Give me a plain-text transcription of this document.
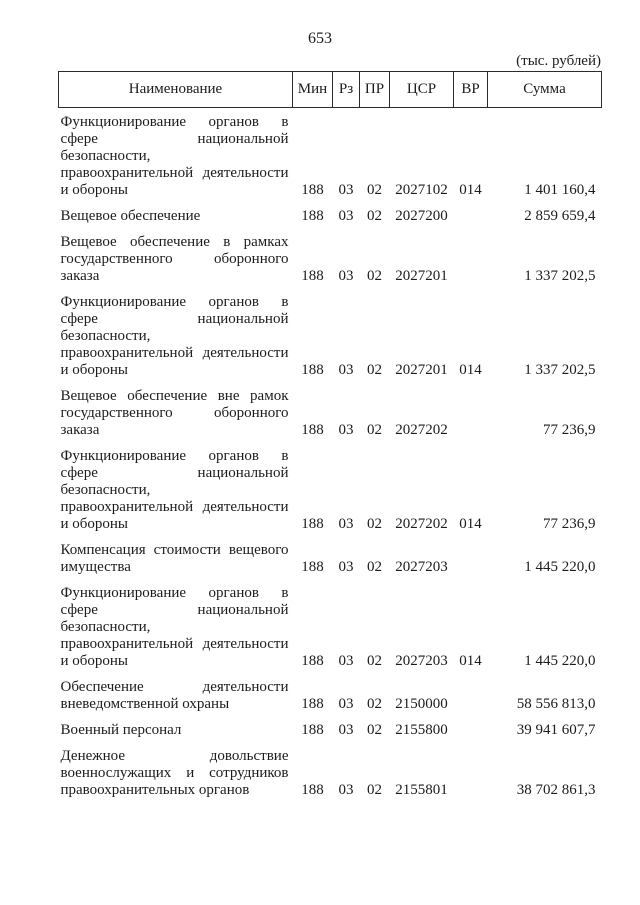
653
(тыс. рублей)
Наименование	Мин	Рз	ПР	ЦСР	ВР	Сумма

Функционирование органов в
сфере национальной
безопасности,
правоохранительной деятельности
и обороны	188	03	02	2027102	014	1 401 160,4

Вещевое обеспечение	188	03	02	2027200		2 859 659,4

Вещевое обеспечение в рамках
государственного оборонного
заказа	188	03	02	2027201		1 337 202,5

Функционирование органов в
сфере национальной
безопасности,
правоохранительной деятельности
и обороны	188	03	02	2027201	014	1 337 202,5

Вещевое обеспечение вне рамок
государственного оборонного
заказа	188	03	02	2027202		77 236,9

Функционирование органов в
сфере национальной
безопасности,
правоохранительной деятельности
и обороны	188	03	02	2027202	014	77 236,9

Компенсация стоимости вещевого
имущества	188	03	02	2027203		1 445 220,0

Функционирование органов в
сфере национальной
безопасности,
правоохранительной деятельности
и обороны	188	03	02	2027203	014	1 445 220,0

Обеспечение деятельности
вневедомственной охраны	188	03	02	2150000		58 556 813,0

Военный персонал	188	03	02	2155800		39 941 607,7

Денежное довольствие
военнослужащих и сотрудников
правоохранительных органов	188	03	02	2155801		38 702 861,3
